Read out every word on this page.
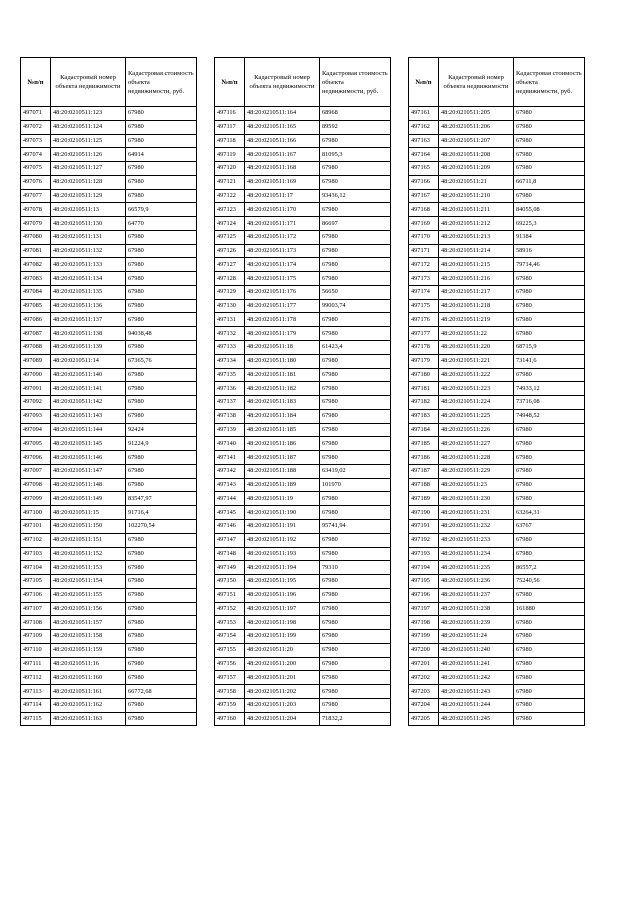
№п/п	Кадастровый номер объекта недвижимости	Кадастровая стоимость объекта недвижимости, руб.
497071	48:20:0210511:123	67980
497072	48:20:0210511:124	67980
497073	48:20:0210511:125	67980
497074	48:20:0210511:126	64914
497075	48:20:0210511:127	67980
497076	48:20:0210511:128	67980
497077	48:20:0210511:129	67980
497078	48:20:0210511:13	66579,9
497079	48:20:0210511:130	64770
497080	48:20:0210511:131	67980
497081	48:20:0210511:132	67980
497082	48:20:0210511:133	67980
497083	48:20:0210511:134	67980
497084	48:20:0210511:135	67980
497085	48:20:0210511:136	67980
497086	48:20:0210511:137	67980
497087	48:20:0210511:138	94038,48
497088	48:20:0210511:139	67980
497089	48:20:0210511:14	67365,76
497090	48:20:0210511:140	67980
497091	48:20:0210511:141	67980
497092	48:20:0210511:142	67980
497093	48:20:0210511:143	67980
497094	48:20:0210511:144	92424
497095	48:20:0210511:145	91224,9
497096	48:20:0210511:146	67980
497097	48:20:0210511:147	67980
497098	48:20:0210511:148	67980
497099	48:20:0210511:149	83547,97
497100	48:20:0210511:15	91716,4
497101	48:20:0210511:150	102270,54
497102	48:20:0210511:151	67980
497103	48:20:0210511:152	67980
497104	48:20:0210511:153	67980
497105	48:20:0210511:154	67980
497106	48:20:0210511:155	67980
497107	48:20:0210511:156	67980
497108	48:20:0210511:157	67980
497109	48:20:0210511:158	67980
497110	48:20:0210511:159	67980
497111	48:20:0210511:16	67980
497112	48:20:0210511:160	67980
497113	48:20:0210511:161	66772,68
497114	48:20:0210511:162	67980
497115	48:20:0210511:163	67980
№п/п	Кадастровый номер объекта недвижимости	Кадастровая стоимость объекта недвижимости, руб.
497116	48:20:0210511:164	68968
497117	48:20:0210511:165	89592
497118	48:20:0210511:166	67980
497119	48:20:0210511:167	81095,3
497120	48:20:0210511:168	67980
497121	48:20:0210511:169	67980
497122	48:20:0210511:17	93436,12
497123	48:20:0210511:170	67980
497124	48:20:0210511:171	86697
497125	48:20:0210511:172	67980
497126	48:20:0210511:173	67980
497127	48:20:0210511:174	67980
497128	48:20:0210511:175	67980
497129	48:20:0210511:176	56650
497130	48:20:0210511:177	99003,74
497131	48:20:0210511:178	67980
497132	48:20:0210511:179	67980
497133	48:20:0210511:18	61423,4
497134	48:20:0210511:180	67980
497135	48:20:0210511:181	67980
497136	48:20:0210511:182	67980
497137	48:20:0210511:183	67980
497138	48:20:0210511:184	67980
497139	48:20:0210511:185	67980
497140	48:20:0210511:186	67980
497141	48:20:0210511:187	67980
497142	48:20:0210511:188	63419,02
497143	48:20:0210511:189	101970
497144	48:20:0210511:19	67980
497145	48:20:0210511:190	67980
497146	48:20:0210511:191	95741,94
497147	48:20:0210511:192	67980
497148	48:20:0210511:193	67980
497149	48:20:0210511:194	79310
497150	48:20:0210511:195	67980
497151	48:20:0210511:196	67980
497152	48:20:0210511:197	67980
497153	48:20:0210511:198	67980
497154	48:20:0210511:199	67980
497155	48:20:0210511:20	67980
497156	48:20:0210511:200	67980
497157	48:20:0210511:201	67980
497158	48:20:0210511:202	67980
497159	48:20:0210511:203	67980
497160	48:20:0210511:204	71832,2
№п/п	Кадастровый номер объекта недвижимости	Кадастровая стоимость объекта недвижимости, руб.
497161	48:20:0210511:205	67980
497162	48:20:0210511:206	67980
497163	48:20:0210511:207	67980
497164	48:20:0210511:208	67980
497165	48:20:0210511:209	67980
497166	48:20:0210511:21	66711,8
497167	48:20:0210511:210	67980
497168	48:20:0210511:211	84055,08
497169	48:20:0210511:212	69225,3
497170	48:20:0210511:213	91384
497171	48:20:0210511:214	58916
497172	48:20:0210511:215	79714,46
497173	48:20:0210511:216	67980
497174	48:20:0210511:217	67980
497175	48:20:0210511:218	67980
497176	48:20:0210511:219	67980
497177	48:20:0210511:22	67980
497178	48:20:0210511:220	68715,9
497179	48:20:0210511:221	73141,6
497180	48:20:0210511:222	67980
497181	48:20:0210511:223	74933,12
497182	48:20:0210511:224	73716,08
497183	48:20:0210511:225	74948,52
497184	48:20:0210511:226	67980
497185	48:20:0210511:227	67980
497186	48:20:0210511:228	67980
497187	48:20:0210511:229	67980
497188	48:20:0210511:23	67980
497189	48:20:0210511:230	67980
497190	48:20:0210511:231	63264,31
497191	48:20:0210511:232	63767
497192	48:20:0210511:233	67980
497193	48:20:0210511:234	67980
497194	48:20:0210511:235	86557,2
497195	48:20:0210511:236	75240,56
497196	48:20:0210511:237	67980
497197	48:20:0210511:238	161880
497198	48:20:0210511:239	67980
497199	48:20:0210511:24	67980
497200	48:20:0210511:240	67980
497201	48:20:0210511:241	67980
497202	48:20:0210511:242	67980
497203	48:20:0210511:243	67980
497204	48:20:0210511:244	67980
497205	48:20:0210511:245	67980
